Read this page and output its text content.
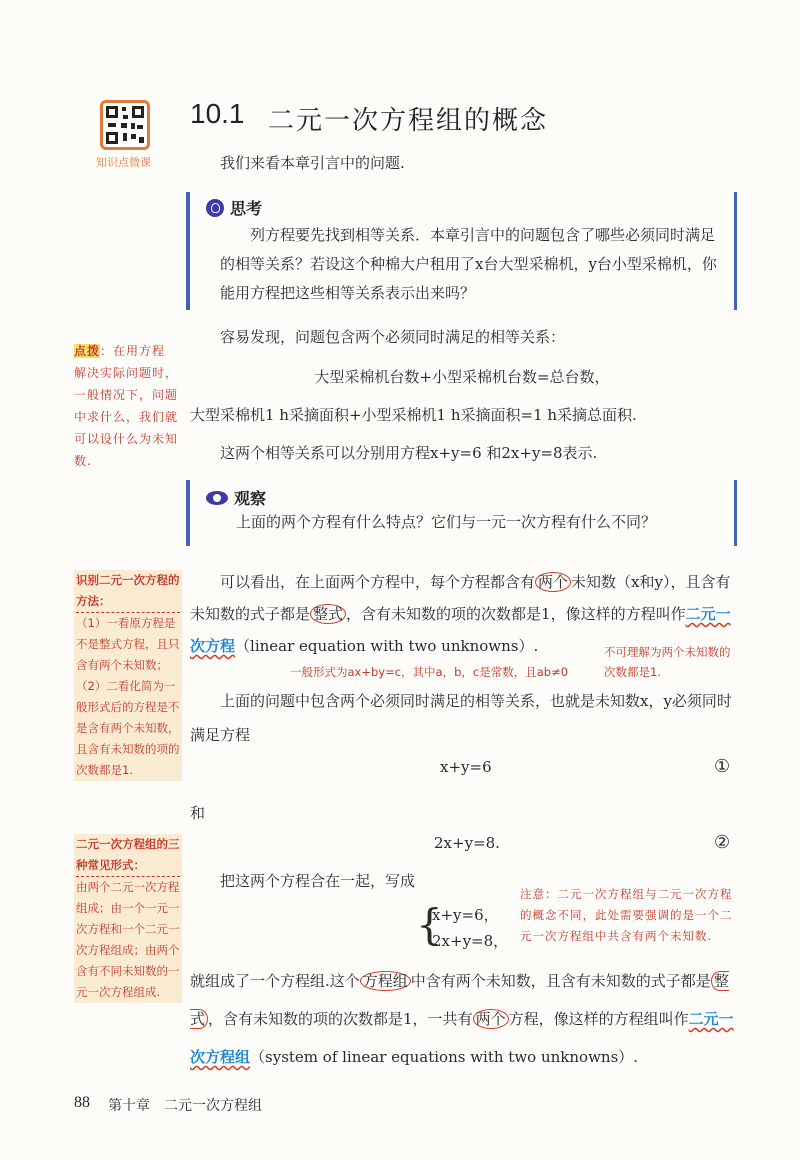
知识点微课
10.1 二元一次方程组的概念
我们来看本章引言中的问题.
思考
列方程要先找到相等关系．本章引言中的问题包含了哪些必须同时满足的相等关系？若设这个种棉大户租用了x台大型采棉机，y台小型采棉机，你能用方程把这些相等关系表示出来吗？
点拨：在用方程解决实际问题时，一般情况下，问题中求什么，我们就可以设什么为未知数.
容易发现，问题包含两个必须同时满足的相等关系：
大型采棉机台数+小型采棉机台数=总台数，
大型采棉机1 h采摘面积+小型采棉机1 h采摘面积=1 h采摘总面积.
这两个相等关系可以分别用方程x+y=6 和2x+y=8表示.
观察
上面的两个方程有什么特点？它们与一元一次方程有什么不同？
识别二元一次方程的方法：
（1）一看原方程是不是整式方程，且只含有两个未知数；（2）二看化简为一般形式后的方程是不是含有两个未知数，且含有未知数的项的次数都是1.
可以看出，在上面两个方程中，每个方程都含有 两个 未知数（x和y），且含有未知数的式子都是 整式 ，含有未知数的项的次数都是1，像这样的方程叫作二元一次方程（linear equation with two unknowns）.
一般形式为ax+by=c，其中a，b，c是常数，且ab≠0
不可理解为两个未知数的次数都是1.
上面的问题中包含两个必须同时满足的相等关系，也就是未知数x，y必须同时满足方程
x+y=6	①
和
2x+y=8.	②
二元一次方程组的三种常见形式：
由两个二元一次方程组成；由一个一元一次方程和一个二元一次方程组成；由两个含有不同未知数的一元一次方程组成.
把这两个方程合在一起，写成
{
x+y=6，
2x+y=8，
注意：二元一次方程组与二元一次方程的概念不同，此处需要强调的是一个二元一次方程组中共含有两个未知数.
就组成了一个方程组.这个 方程组 中含有两个未知数，且含有未知数的式子都是 整式 ，含有未知数的项的次数都是1，一共有 两个 方程，像这样的方程组叫作二元一次方程组（system of linear equations with two unknowns）.
88 第十章　二元一次方程组
